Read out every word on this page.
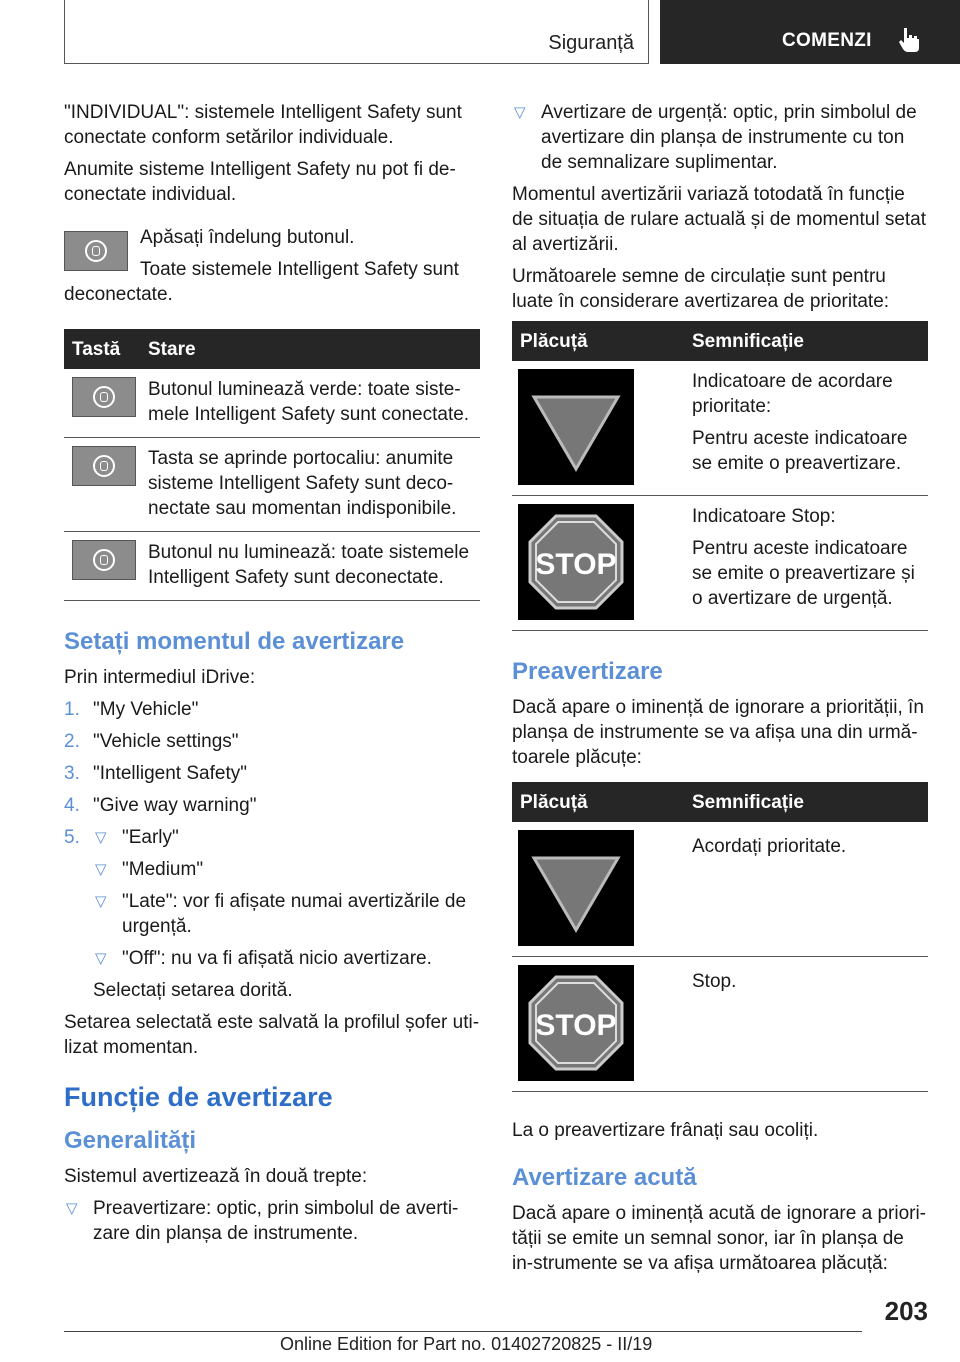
Siguranță	COMENZI

"INDIVIDUAL": sistemele Intelligent Safety sunt conectate conform setărilor individuale.

Anumite sisteme Intelligent Safety nu pot fi de-conectate individual.

Apăsați îndelung butonul.

Toate sistemele Intelligent Safety sunt deconectate.

Tastă	Stare

	Butonul luminează verde: toate siste-mele Intelligent Safety sunt conectate.

	Tasta se aprinde portocaliu: anumite sisteme Intelligent Safety sunt deco-nectate sau momentan indisponibile.

	Butonul nu luminează: toate sistemele Intelligent Safety sunt deconectate.
Setați momentul de avertizare

Prin intermediul iDrive:

1. "My Vehicle"
2. "Vehicle settings"
3. "Intelligent Safety"
4. "Give way warning"
5. ▽ "Early"
▽ "Medium"
▽ "Late": vor fi afișate numai avertizările de urgență.
▽ "Off": nu va fi afișată nicio avertizare.

Selectați setarea dorită.

Setarea selectată este salvată la profilul șofer uti-lizat momentan.

Funcție de avertizare
Generalități

Sistemul avertizează în două trepte:

▽ Preavertizare: optic, prin simbolul de averti-zare din planșa de instrumente.
▽ Avertizare de urgență: optic, prin simbolul de avertizare din planșa de instrumente cu ton de semnalizare suplimentar.

Momentul avertizării variază totodată în funcție de situația de rulare actuală și de momentul setat al avertizării.

Următoarele semne de circulație sunt pentru luate în considerare avertizarea de prioritate:

Plăcuță	Semnificație

Indicatoare de acordare prioritate:

Pentru aceste indicatoare se emite o preavertizare.

STOP	Indicatoare Stop:

Pentru aceste indicatoare se emite o preavertizare și o avertizare de urgență.

Preavertizare

Dacă apare o iminență de ignorare a priorității, în planșa de instrumente se va afișa una din urmă-toarele plăcuțe:

Plăcuță	Semnificație

Acordați prioritate.

STOP	Stop.

La o preavertizare frânați sau ocoliți.

Avertizare acută

Dacă apare o iminență acută de ignorare a priori-tății se emite un semnal sonor, iar în planșa de in-strumente se va afișa următoarea plăcuță:

203
Online Edition for Part no. 01402720825 - II/19
